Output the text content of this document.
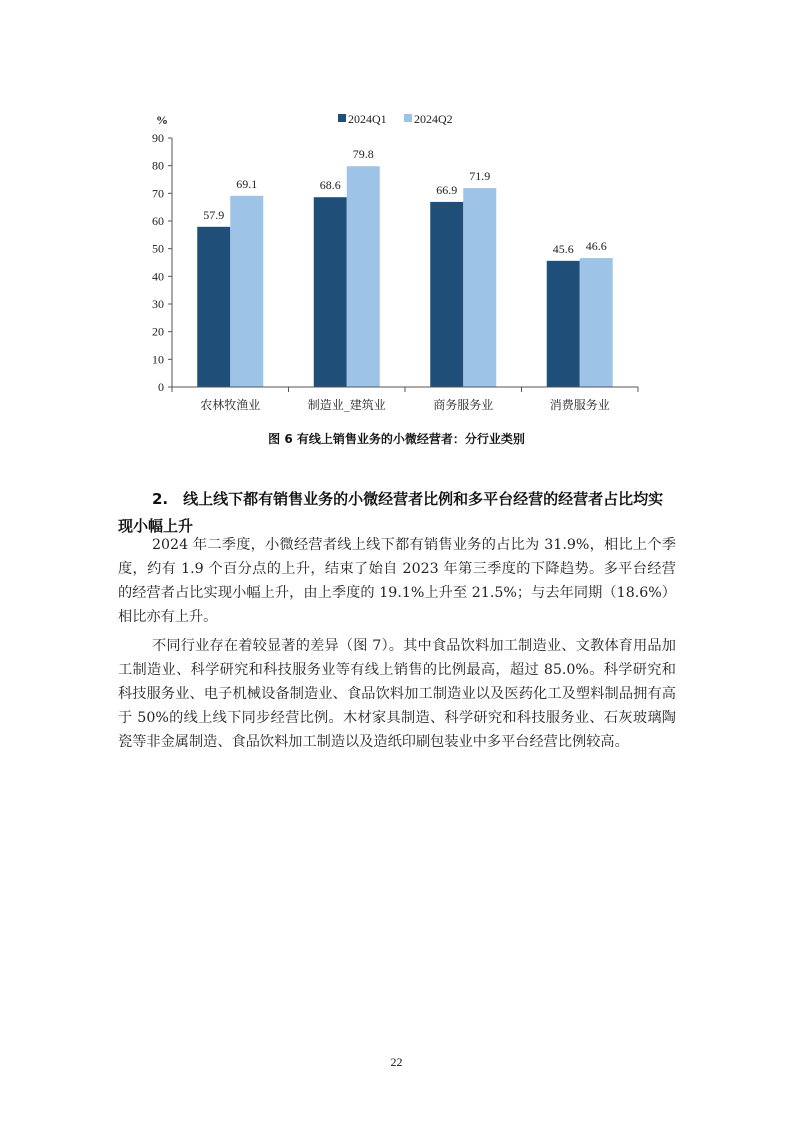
%	2024Q1 2024Q2
0
10
20
30
40
50
60
70
80
90
57.9
69.1	68.6
79.8
66.9
71.9
45.6 46.6
农林牧渔业	制造业_建筑业	商务服务业	消费服务业
图 6 有线上销售业务的小微经营者：分行业类别

2.　线上线下都有销售业务的小微经营者比例和多平台经营的经营者占比均实现小幅上升

2024 年二季度，小微经营者线上线下都有销售业务的占比为 31.9%，相比上个季度，约有 1.9 个百分点的上升，结束了始自 2023 年第三季度的下降趋势。多平台经营的经营者占比实现小幅上升，由上季度的 19.1%上升至 21.5%；与去年同期（18.6%）相比亦有上升。

不同行业存在着较显著的差异（图 7）。其中食品饮料加工制造业、文教体育用品加工制造业、科学研究和科技服务业等有线上销售的比例最高，超过 85.0%。科学研究和科技服务业、电子机械设备制造业、食品饮料加工制造业以及医药化工及塑料制品拥有高于 50%的线上线下同步经营比例。木材家具制造、科学研究和科技服务业、石灰玻璃陶瓷等非金属制造、食品饮料加工制造以及造纸印刷包装业中多平台经营比例较高。

22
